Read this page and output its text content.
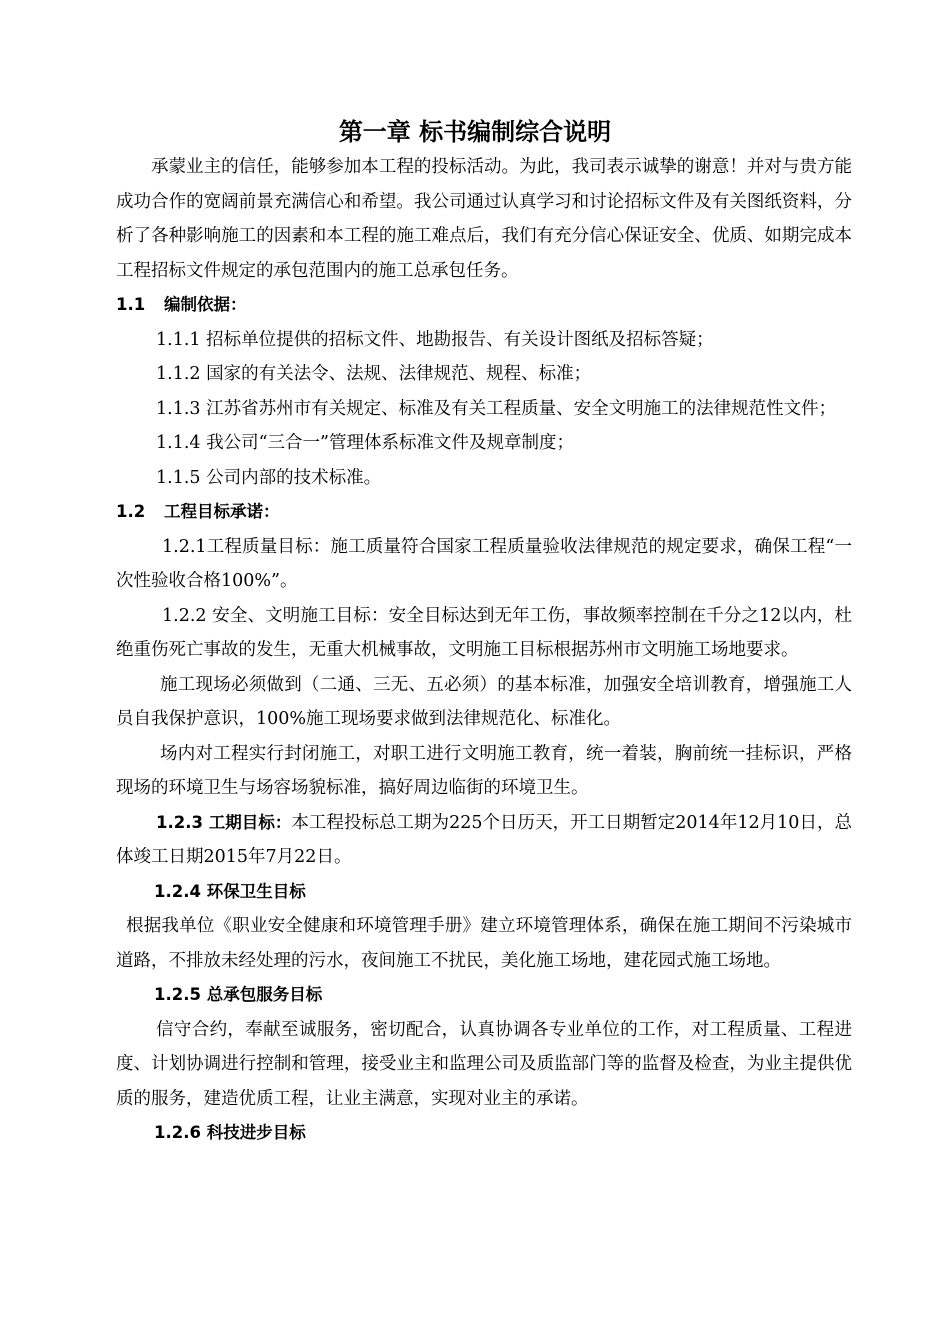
第一章 标书编制综合说明

承蒙业主的信任，能够参加本工程的投标活动。为此，我司表示诚挚的谢意！并对与贵方能成功合作的宽阔前景充满信心和希望。我公司通过认真学习和讨论招标文件及有关图纸资料，分析了各种影响施工的因素和本工程的施工难点后，我们有充分信心保证安全、优质、如期完成本工程招标文件规定的承包范围内的施工总承包任务。

1.1 编制依据：

1.1.1 招标单位提供的招标文件、地勘报告、有关设计图纸及招标答疑；

1.1.2 国家的有关法令、法规、法律规范、规程、标准；

1.1.3 江苏省苏州市有关规定、标准及有关工程质量、安全文明施工的法律规范性文件；

1.1.4 我公司“三合一”管理体系标准文件及规章制度；

1.1.5 公司内部的技术标准。

1.2 工程目标承诺：

1.2.1工程质量目标：施工质量符合国家工程质量验收法律规范的规定要求，确保工程“一次性验收合格100%”。

1.2.2 安全、文明施工目标：安全目标达到无年工伤，事故频率控制在千分之12以内，杜绝重伤死亡事故的发生，无重大机械事故，文明施工目标根据苏州市文明施工场地要求。

施工现场必须做到（二通、三无、五必须）的基本标准，加强安全培训教育，增强施工人员自我保护意识，100%施工现场要求做到法律规范化、标准化。

场内对工程实行封闭施工，对职工进行文明施工教育，统一着装，胸前统一挂标识，严格现场的环境卫生与场容场貌标准，搞好周边临街的环境卫生。

1.2.3 工期目标：本工程投标总工期为225个日历天，开工日期暂定2014年12月10日，总体竣工日期2015年7月22日。

1.2.4 环保卫生目标

根据我单位《职业安全健康和环境管理手册》建立环境管理体系，确保在施工期间不污染城市道路，不排放未经处理的污水，夜间施工不扰民，美化施工场地，建花园式施工场地。

1.2.5 总承包服务目标

信守合约，奉献至诚服务，密切配合，认真协调各专业单位的工作，对工程质量、工程进度、计划协调进行控制和管理，接受业主和监理公司及质监部门等的监督及检查，为业主提供优质的服务，建造优质工程，让业主满意，实现对业主的承诺。

1.2.6 科技进步目标
